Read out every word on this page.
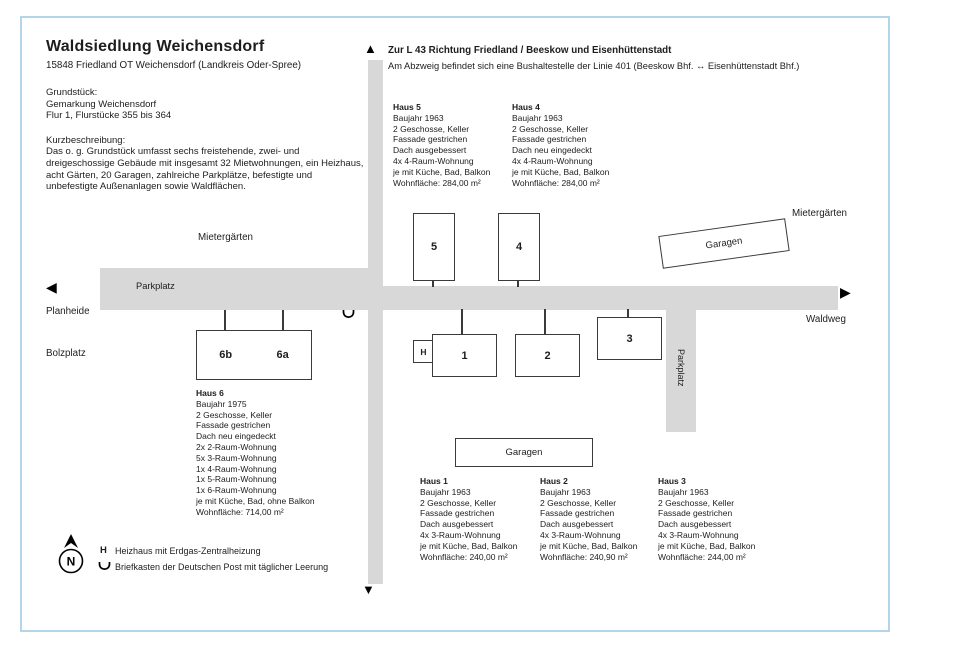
Waldsiedlung Weichensdorf
15848 Friedland OT Weichensdorf (Landkreis Oder-Spree)
Grundstück:
Gemarkung Weichensdorf
Flur 1, Flurstücke 355 bis 364
Kurzbeschreibung:
Das o. g. Grundstück umfasst sechs freistehende, zwei- und dreigeschossige Gebäude mit insgesamt 32 Mietwohnungen, ein Heizhaus, acht Gärten, 20 Garagen, zahlreiche Parkplätze, befestigte und unbefestigte Außenanlagen sowie Waldflächen.
▲ Zur L 43 Richtung Friedland / Beeskow und Eisenhüttenstadt
Am Abzweig befindet sich eine Bushaltestelle der Linie 401 (Beeskow Bhf. ↔ Eisenhüttenstadt Bhf.)
▼
◀	▶
Mietergärten
Mietergärten
Parkplatz
Parkplatz
Planheide
Waldweg
Bolzplatz
5	4
6b	6a	H	1	2
3
Garagen
Garagen
Haus 5
Baujahr 1963
2 Geschosse, Keller
Fassade gestrichen
Dach ausgebessert
4x 4-Raum-Wohnung
je mit Küche, Bad, Balkon
Wohnfläche: 284,00 m²
Haus 4
Baujahr 1963
2 Geschosse, Keller
Fassade gestrichen
Dach neu eingedeckt
4x 4-Raum-Wohnung
je mit Küche, Bad, Balkon
Wohnfläche: 284,00 m²
Haus 6
Baujahr 1975
2 Geschosse, Keller
Fassade gestrichen
Dach neu eingedeckt
2x 2-Raum-Wohnung
5x 3-Raum-Wohnung
1x 4-Raum-Wohnung
1x 5-Raum-Wohnung
1x 6-Raum-Wohnung
je mit Küche, Bad, ohne Balkon
Wohnfläche: 714,00 m²
Haus 1
Baujahr 1963
2 Geschosse, Keller
Fassade gestrichen
Dach ausgebessert
4x 3-Raum-Wohnung
je mit Küche, Bad, Balkon
Wohnfläche: 240,00 m²
Haus 2
Baujahr 1963
2 Geschosse, Keller
Fassade gestrichen
Dach ausgebessert
4x 3-Raum-Wohnung
je mit Küche, Bad, Balkon
Wohnfläche: 240,90 m²
Haus 3
Baujahr 1963
2 Geschosse, Keller
Fassade gestrichen
Dach ausgebessert
4x 3-Raum-Wohnung
je mit Küche, Bad, Balkon
Wohnfläche: 244,00 m²
N
H Heizhaus mit Erdgas-Zentralheizung
Briefkasten der Deutschen Post mit täglicher Leerung
